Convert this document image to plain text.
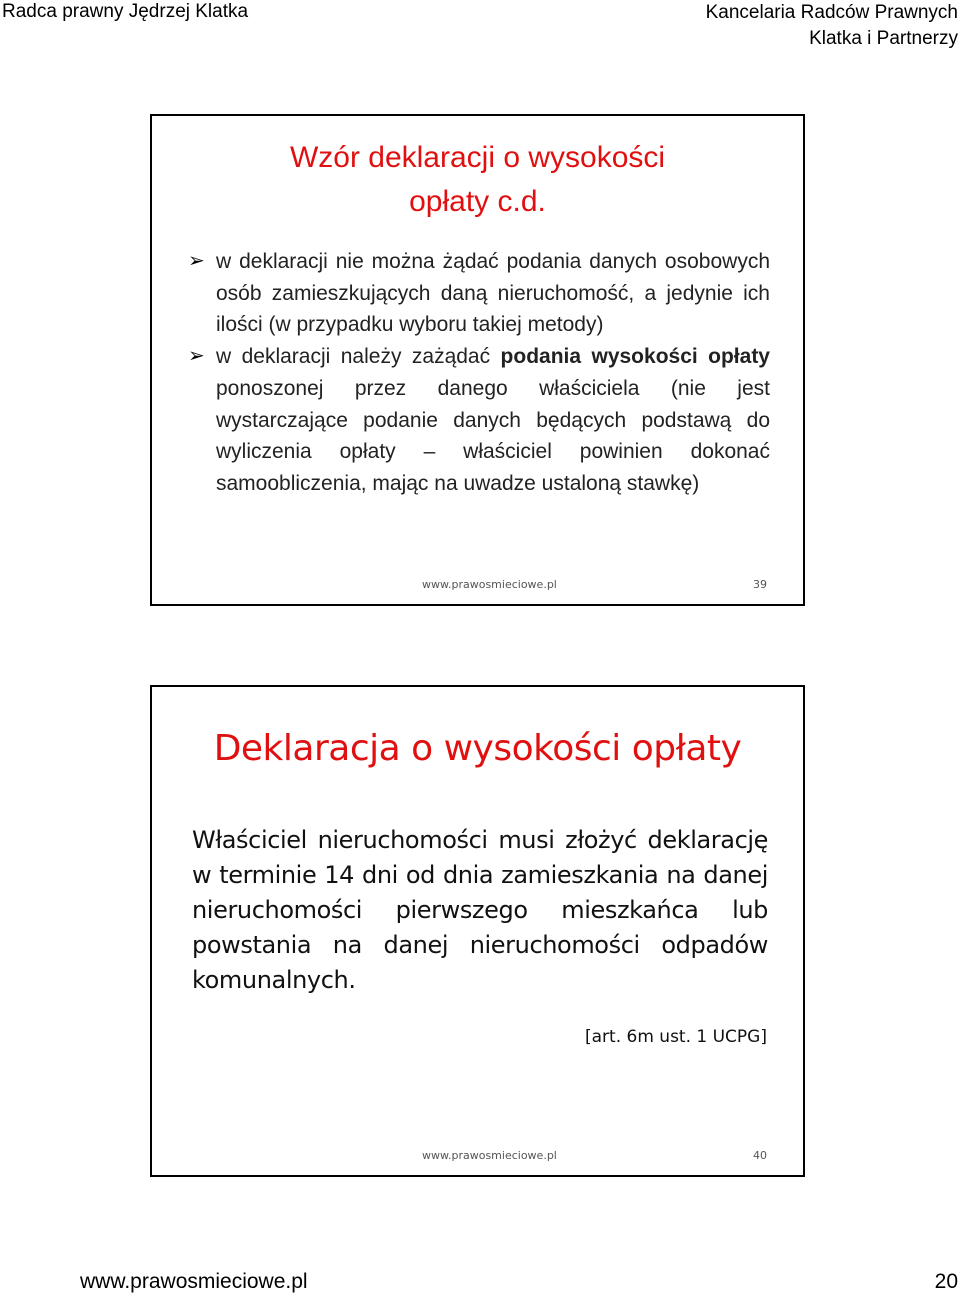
Radca prawny Jędrzej Klatka	Kancelaria Radców Prawnych
Klatka i Partnerzy
Wzór deklaracji o wysokości
opłaty c.d.
➢ w deklaracji nie można żądać podania danych osobowych osób zamieszkujących daną nieruchomość, a jedynie ich ilości (w przypadku wyboru takiej metody)
➢ w deklaracji należy zażądać podania wysokości opłaty ponoszonej przez danego właściciela (nie jest wystarczające podanie danych będących podstawą do wyliczenia opłaty – właściciel powinien dokonać samoobliczenia, mając na uwadze ustaloną stawkę)
www.prawosmieciowe.pl	39
Deklaracja o wysokości opłaty
Właściciel nieruchomości musi złożyć deklarację w terminie 14 dni od dnia zamieszkania na danej nieruchomości pierwszego mieszkańca lub powstania na danej nieruchomości odpadów komunalnych.
[art. 6m ust. 1 UCPG]
www.prawosmieciowe.pl	40
www.prawosmieciowe.pl	20
